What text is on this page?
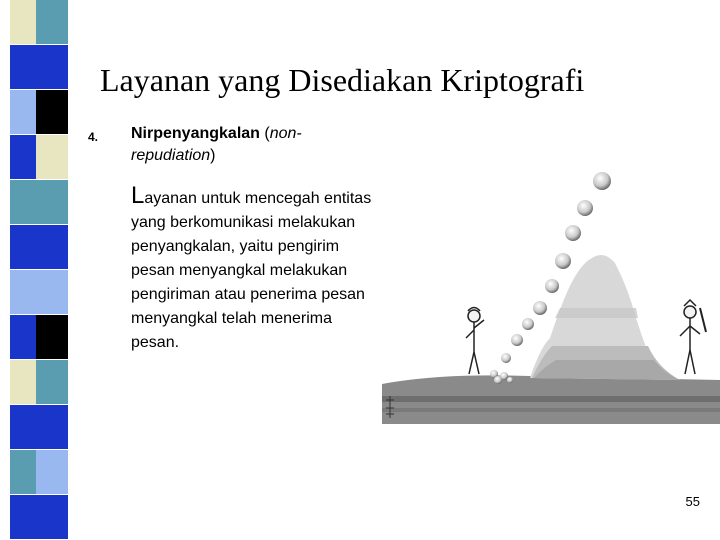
Layanan yang Disediakan Kriptografi
4. Nirpenyangkalan (non-repudiation)
Layanan untuk mencegah entitas yang berkomunikasi melakukan penyangkalan, yaitu pengirim pesan menyangkal melakukan pengiriman atau penerima pesan menyangkal telah menerima pesan.
55
